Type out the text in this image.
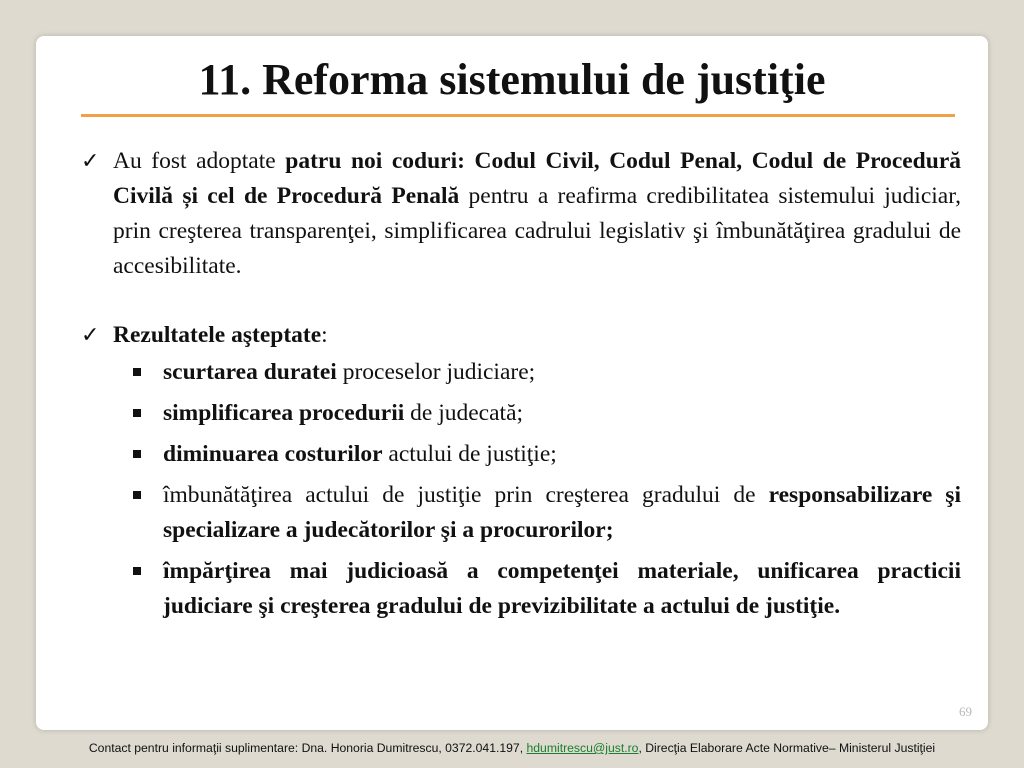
11. Reforma sistemului de justiţie
✓ Au fost adoptate patru noi coduri: Codul Civil, Codul Penal, Codul de Procedură Civilă și cel de Procedură Penală pentru a reafirma credibilitatea sistemului judiciar, prin creşterea transparenţei, simplificarea cadrului legislativ şi îmbunătăţirea gradului de accesibilitate.
✓ Rezultatele aşteptate:
scurtarea duratei proceselor judiciare;
simplificarea procedurii de judecată;
diminuarea costurilor actului de justiţie;
îmbunătăţirea actului de justiţie prin creşterea gradului de responsabilizare şi specializare a judecătorilor şi a procurorilor;
împărţirea mai judicioasă a competenţei materiale, unificarea practicii judiciare şi creşterea gradului de previzibilitate a actului de justiţie.
69
Contact pentru informaţii suplimentare: Dna. Honoria Dumitrescu, 0372.041.197, hdumitrescu@just.ro, Direcţia Elaborare Acte Normative– Ministerul Justiţiei
